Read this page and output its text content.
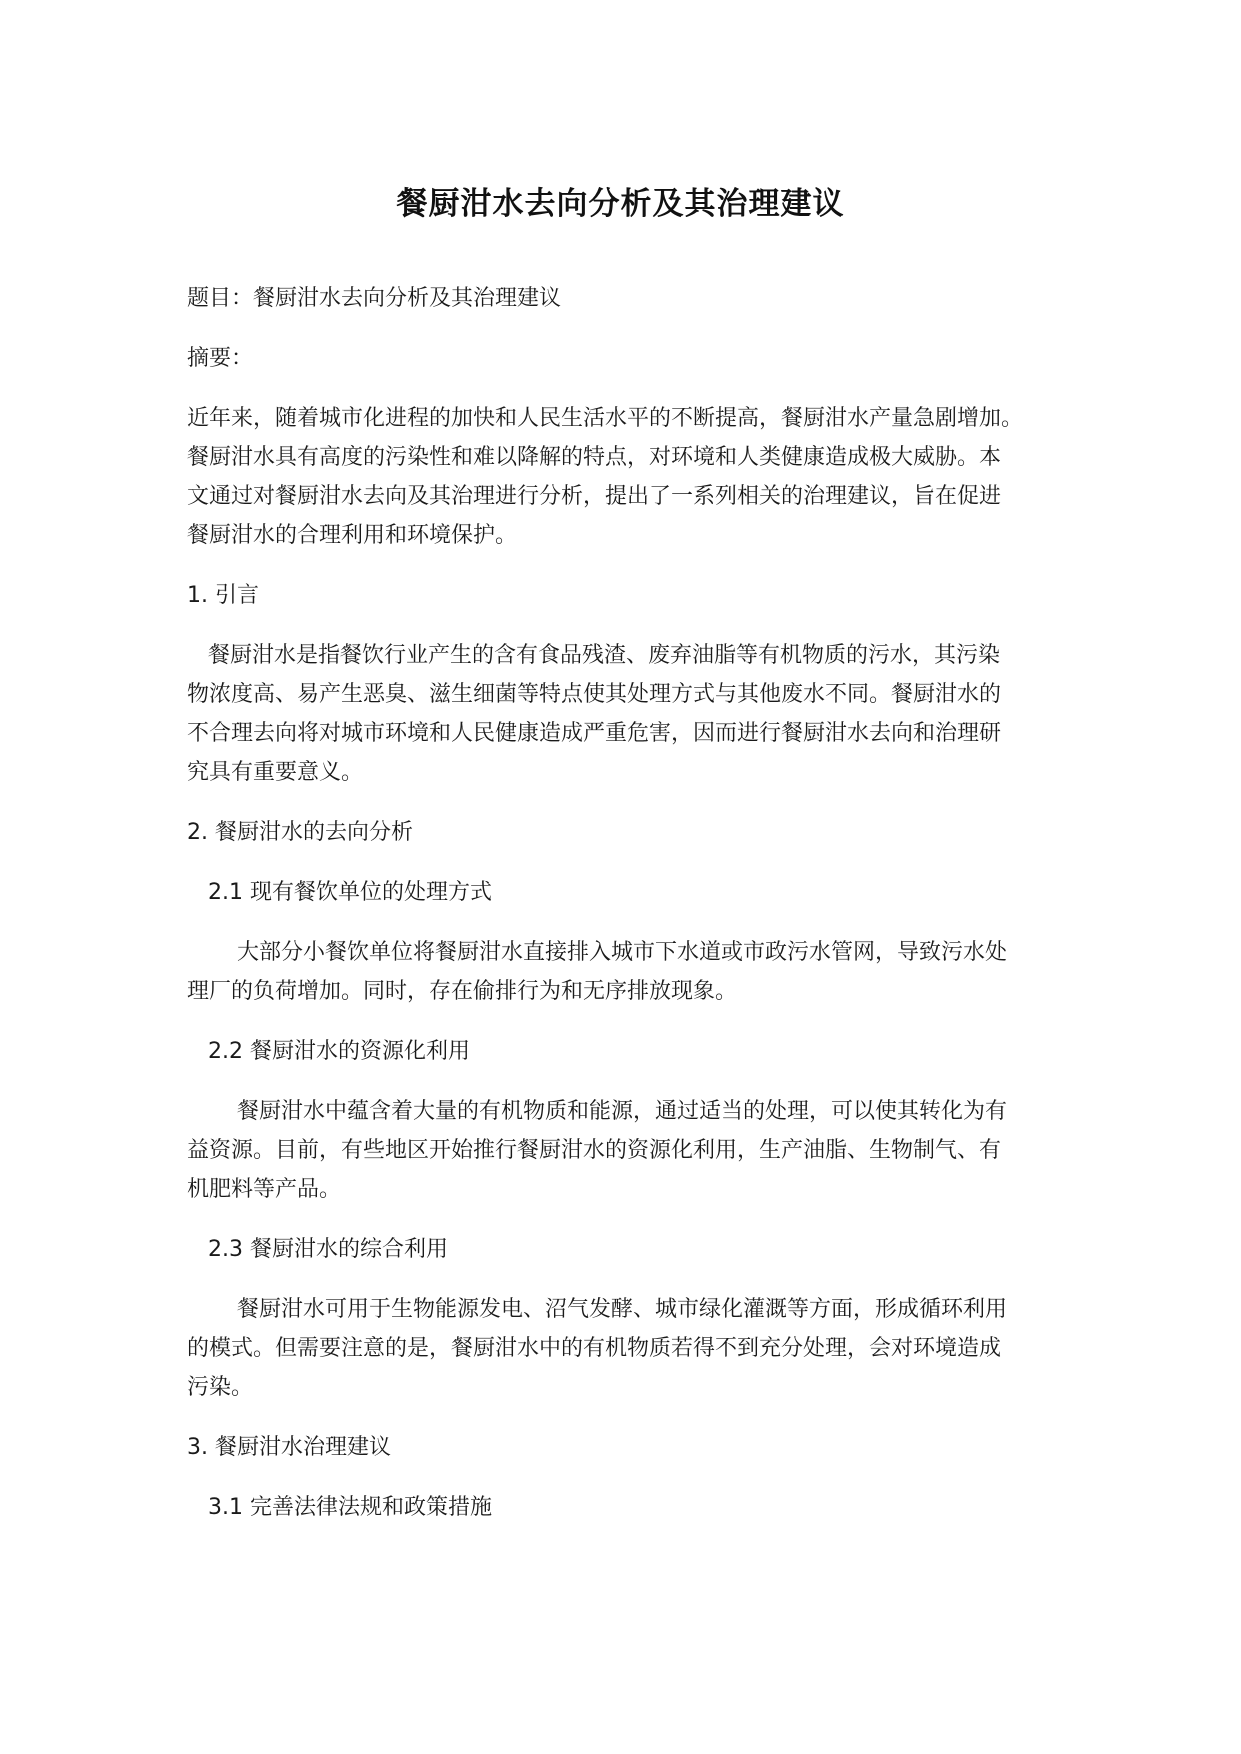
餐厨泔水去向分析及其治理建议
题目：餐厨泔水去向分析及其治理建议
摘要：
近年来，随着城市化进程的加快和人民生活水平的不断提高，餐厨泔水产量急剧增加。
餐厨泔水具有高度的污染性和难以降解的特点，对环境和人类健康造成极大威胁。本
文通过对餐厨泔水去向及其治理进行分析，提出了一系列相关的治理建议，旨在促进
餐厨泔水的合理利用和环境保护。
1. 引言
餐厨泔水是指餐饮行业产生的含有食品残渣、废弃油脂等有机物质的污水，其污染
物浓度高、易产生恶臭、滋生细菌等特点使其处理方式与其他废水不同。餐厨泔水的
不合理去向将对城市环境和人民健康造成严重危害，因而进行餐厨泔水去向和治理研
究具有重要意义。
2. 餐厨泔水的去向分析
2.1 现有餐饮单位的处理方式
大部分小餐饮单位将餐厨泔水直接排入城市下水道或市政污水管网，导致污水处
理厂的负荷增加。同时，存在偷排行为和无序排放现象。
2.2 餐厨泔水的资源化利用
餐厨泔水中蕴含着大量的有机物质和能源，通过适当的处理，可以使其转化为有
益资源。目前，有些地区开始推行餐厨泔水的资源化利用，生产油脂、生物制气、有
机肥料等产品。
2.3 餐厨泔水的综合利用
餐厨泔水可用于生物能源发电、沼气发酵、城市绿化灌溉等方面，形成循环利用
的模式。但需要注意的是，餐厨泔水中的有机物质若得不到充分处理，会对环境造成
污染。
3. 餐厨泔水治理建议
3.1 完善法律法规和政策措施
